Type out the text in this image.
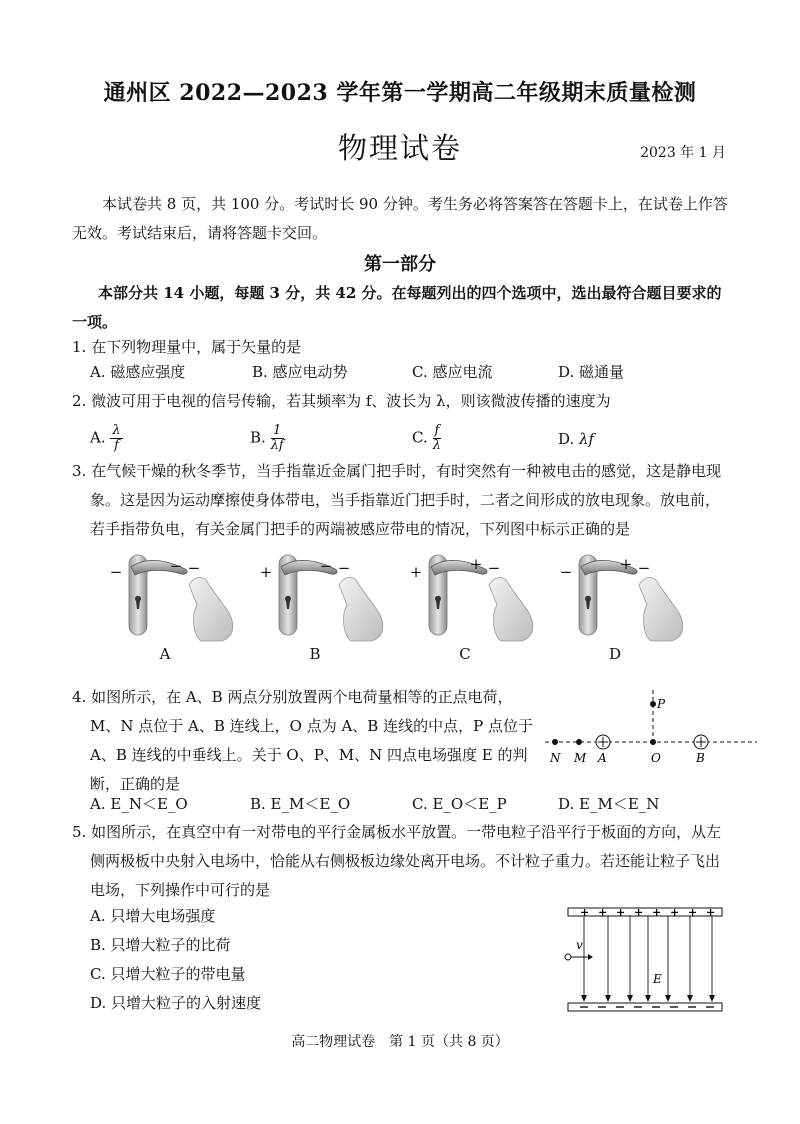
通州区 2022—2023 学年第一学期高二年级期末质量检测
物理试卷	2023 年 1 月
本试卷共 8 页，共 100 分。考试时长 90 分钟。考生务必将答案答在答题卡上，在试卷上作答无效。考试结束后，请将答题卡交回。
第一部分
本部分共 14 小题，每题 3 分，共 42 分。在每题列出的四个选项中，选出最符合题目要求的一项。
1. 在下列物理量中，属于矢量的是
A. 磁感应强度	B. 感应电动势	C. 感应电流	D. 磁通量
2. 微波可用于电视的信号传输，若其频率为 f、波长为 λ，则该微波传播的速度为
A. $\frac{\lambda}{f}$	B. $\frac{1}{\lambda f}$	C. $\frac{f}{\lambda}$	D. λf
3. 在气候干燥的秋冬季节，当手指靠近金属门把手时，有时突然有一种被电击的感觉，这是静电现象。这是因为运动摩擦使身体带电，当手指靠近门把手时，二者之间形成的放电现象。放电前，若手指带负电，有关金属门把手的两端被感应带电的情况，下列图中标示正确的是
−	− −	+	− −	+	+ −	−	+ −
A	B	C	D
4. 如图所示，在 A、B 两点分别放置两个电荷量相等的正点电荷，M、N 点位于 A、B 连线上，O 点为 A、B 连线的中点，P 点位于 A、B 连线的中垂线上。关于 O、P、M、N 四点电场强度 E 的判断，正确的是
P
N M A	O	B
A. E_N＜E_O	B. E_M＜E_O	C. E_O＜E_P	D. E_M＜E_N
5. 如图所示，在真空中有一对带电的平行金属板水平放置。一带电粒子沿平行于板面的方向，从左侧两极板中央射入电场中，恰能从右侧极板边缘处离开电场。不计粒子重力。若还能让粒子飞出电场，下列操作中可行的是
A. 只增大电场强度
B. 只增大粒子的比荷
C. 只增大粒子的带电量
D. 只增大粒子的入射速度
+ + + + + + + +
v
E
高二物理试卷　第 1 页（共 8 页）
